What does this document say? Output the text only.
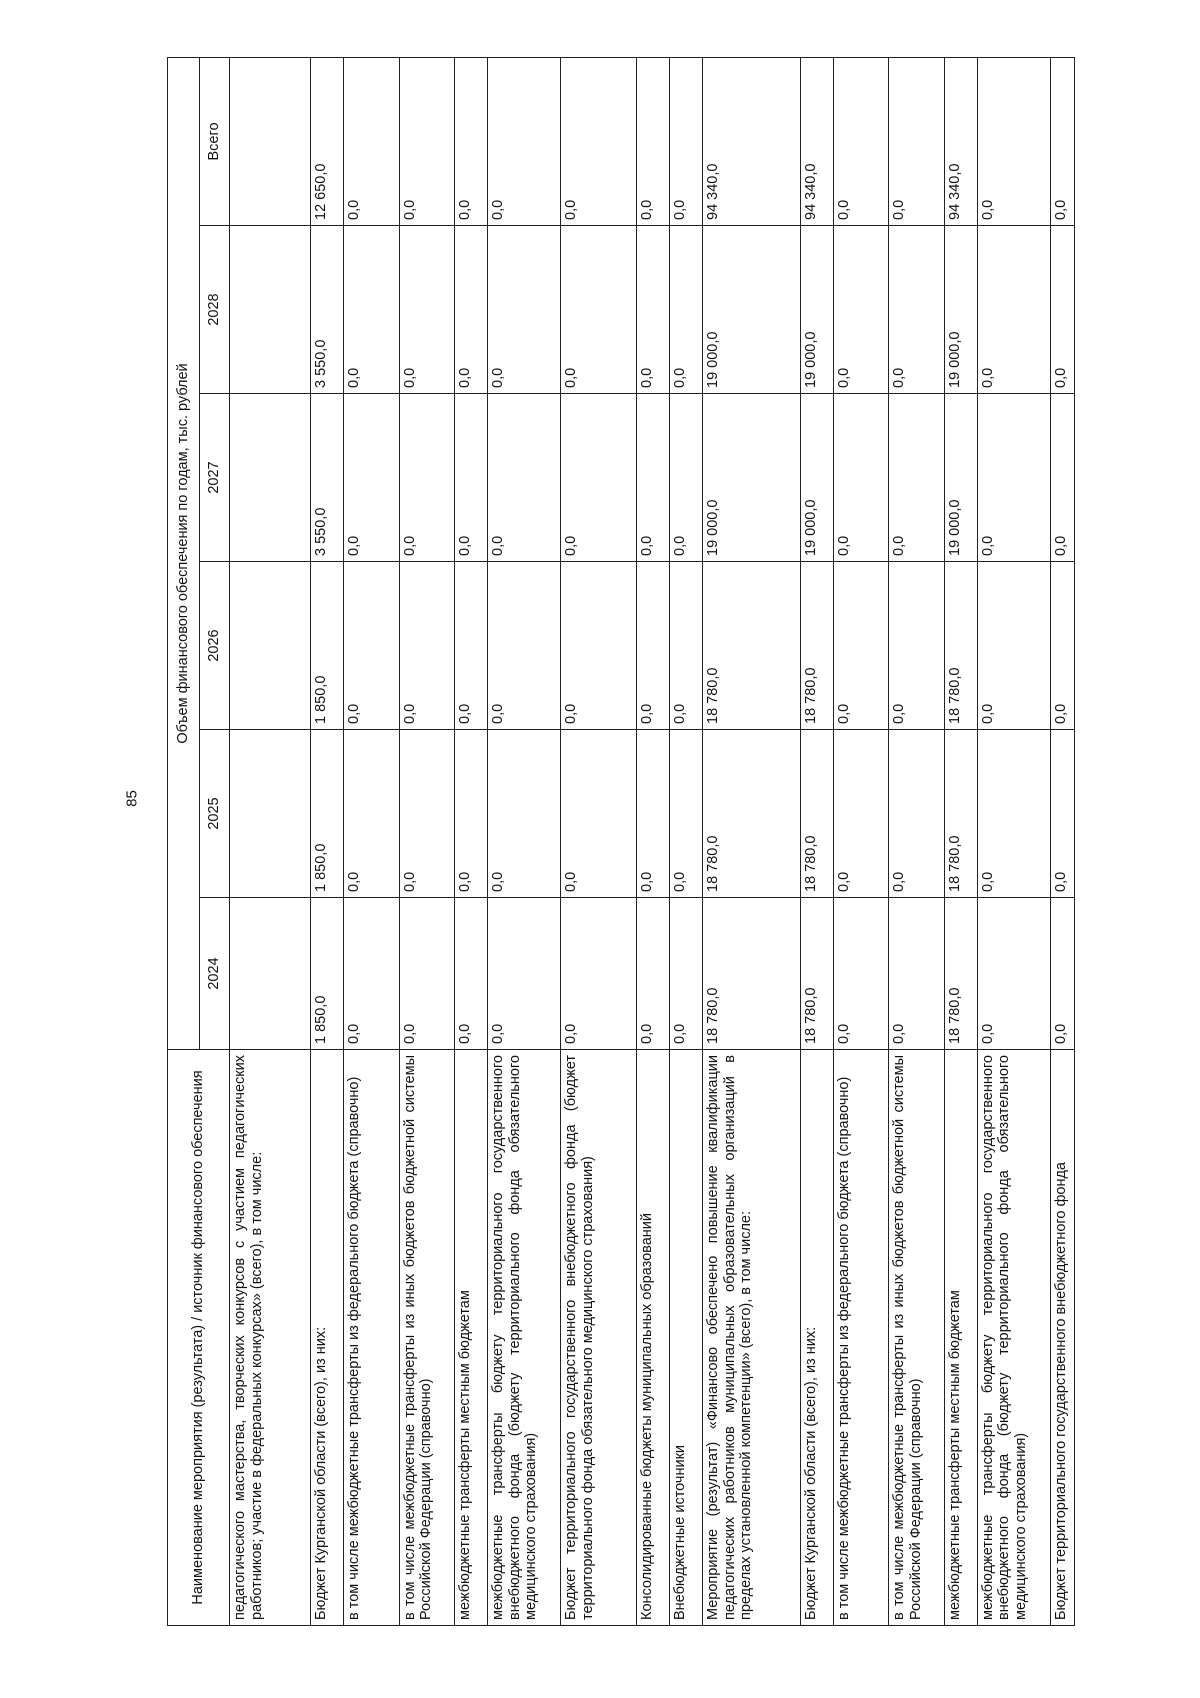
85
Наименование мероприятия (результата) / источник финансового обеспечения	Объем финансового обеспечения по годам, тыс. рублей					
	2024	2025	2026	2027	2028	Всего
педагогического мастерства, творческих конкурсов с участием педагогических работников; участие в федеральных конкурсах» (всего), в том числе:						
Бюджет Курганской области (всего), из них:	1 850,0	1 850,0	1 850,0	3 550,0	3 550,0	12 650,0
в том числе межбюджетные трансферты из федерального бюджета (справочно)	0,0	0,0	0,0	0,0	0,0	0,0
в том числе межбюджетные трансферты из иных бюджетов бюджетной системы Российской Федерации (справочно)	0,0	0,0	0,0	0,0	0,0	0,0
межбюджетные трансферты местным бюджетам	0,0	0,0	0,0	0,0	0,0	0,0
межбюджетные трансферты бюджету территориального государственного внебюджетного фонда (бюджету территориального фонда обязательного медицинского страхования)	0,0	0,0	0,0	0,0	0,0	0,0
Бюджет территориального государственного внебюджетного фонда (бюджет территориального фонда обязательного медицинского страхования)	0,0	0,0	0,0	0,0	0,0	0,0
Консолидированные бюджеты муниципальных образований	0,0	0,0	0,0	0,0	0,0	0,0
Внебюджетные источники	0,0	0,0	0,0	0,0	0,0	0,0
Мероприятие (результат) «Финансово обеспечено повышение квалификации педагогических работников муниципальных образовательных организаций в пределах установленной компетенции» (всего), в том числе:	18 780,0	18 780,0	18 780,0	19 000,0	19 000,0	94 340,0
Бюджет Курганской области (всего), из них:	18 780,0	18 780,0	18 780,0	19 000,0	19 000,0	94 340,0
в том числе межбюджетные трансферты из федерального бюджета (справочно)	0,0	0,0	0,0	0,0	0,0	0,0
в том числе межбюджетные трансферты из иных бюджетов бюджетной системы Российской Федерации (справочно)	0,0	0,0	0,0	0,0	0,0	0,0
межбюджетные трансферты местным бюджетам	18 780,0	18 780,0	18 780,0	19 000,0	19 000,0	94 340,0
межбюджетные трансферты бюджету территориального государственного внебюджетного фонда (бюджету территориального фонда обязательного медицинского страхования)	0,0	0,0	0,0	0,0	0,0	0,0
Бюджет территориального государственного внебюджетного фонда	0,0	0,0	0,0	0,0	0,0	0,0
